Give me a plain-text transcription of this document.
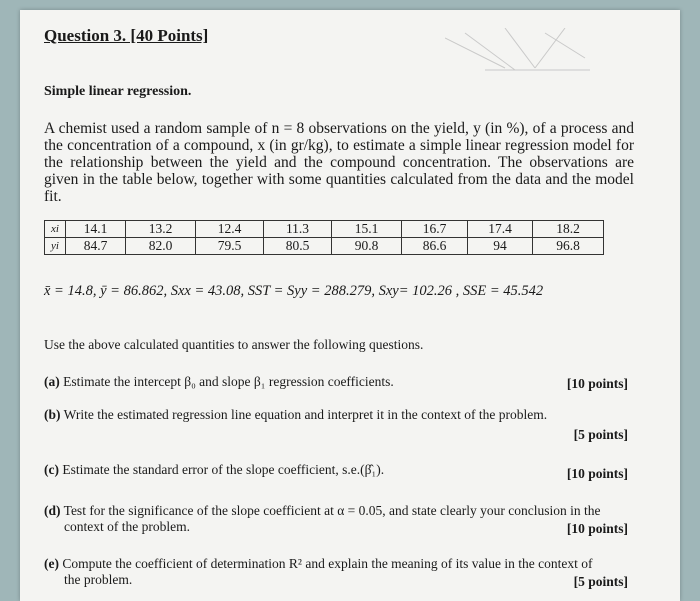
Question 3. [40 Points]
Simple linear regression.
A chemist used a random sample of n = 8 observations on the yield, y (in %), of a process and the concentration of a compound, x (in gr/kg), to estimate a simple linear regression model for the relationship between the yield and the compound concentration. The observations are given in the table below, together with some quantities calculated from the data and the model fit.
xi	14.1	13.2	12.4	11.3	15.1	16.7	17.4	18.2
yi	84.7	82.0	79.5	80.5	90.8	86.6	94	96.8
x̄ = 14.8, ȳ = 86.862, Sxx = 43.08, SST = Syy = 288.279, Sxy= 102.26 , SSE = 45.542
Use the above calculated quantities to answer the following questions.
(a) Estimate the intercept β₀ and slope β₁ regression coefficients.	[10 points]
(b) Write the estimated regression line equation and interpret it in the context of the problem.
[5 points]
(c) Estimate the standard error of the slope coefficient, s.e.(β̂₁).	[10 points]
(d) Test for the significance of the slope coefficient at α = 0.05, and state clearly your conclusion in the
context of the problem.	[10 points]
(e) Compute the coefficient of determination R² and explain the meaning of its value in the context of
the problem.	[5 points]
